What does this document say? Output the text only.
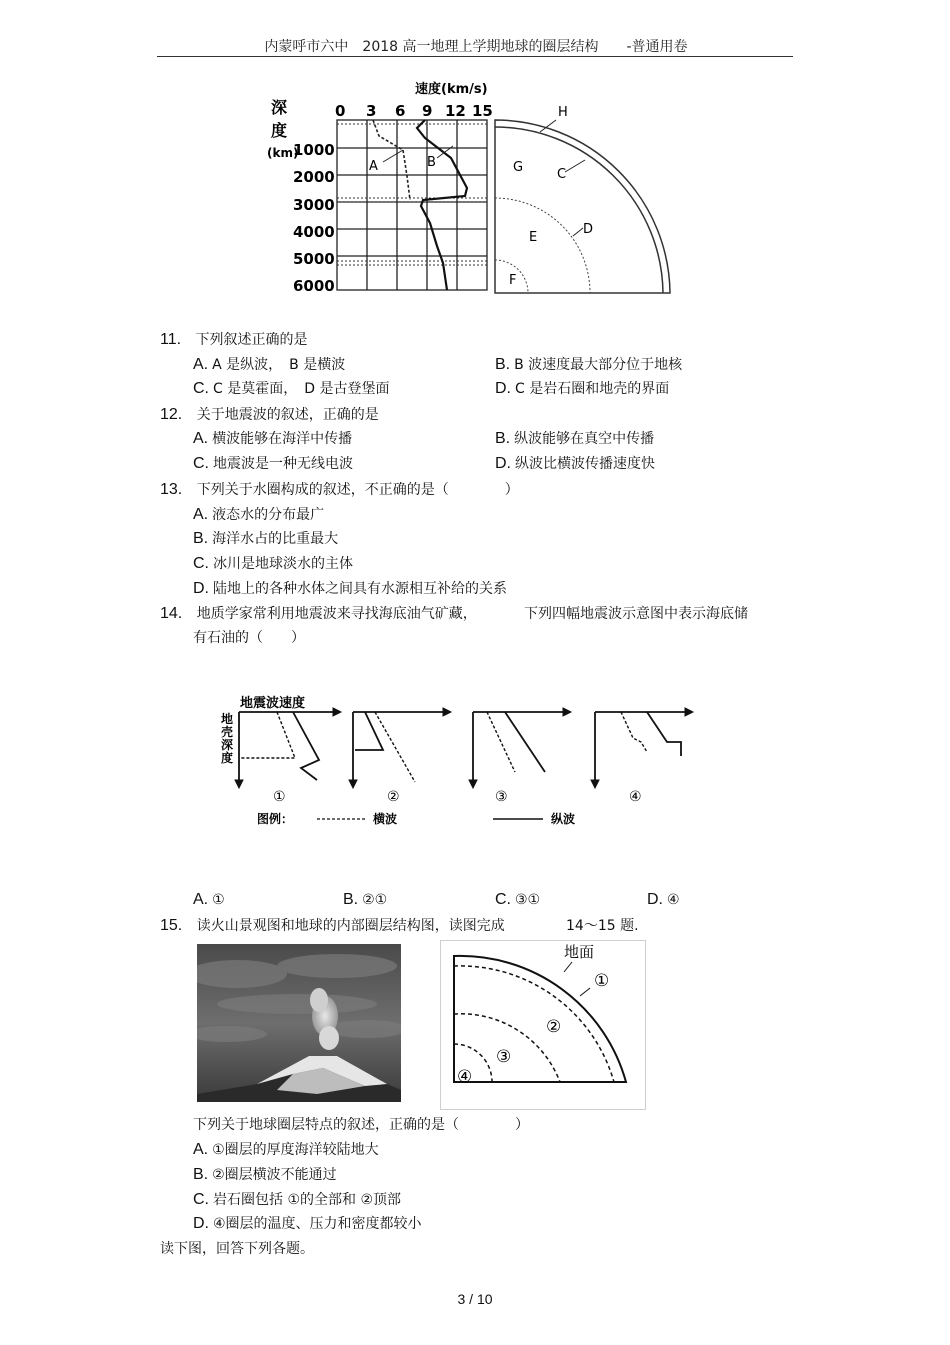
内蒙呼市六中　2018 高一地理上学期地球的圈层结构　　-普通用卷
速度(km/s)
深
度
(km)
0 3 6 9 12 15
1000
2000
3000
4000
5000
6000
A	B
H
G	C
E
D
F
11. 下列叙述正确的是
A. A 是纵波，　B 是横波	B. B 波速度最大部分位于地核
C. C 是莫霍面，　D 是古登堡面	D. C 是岩石圈和地壳的界面
12. 关于地震波的叙述，正确的是
A. 横波能够在海洋中传播	B. 纵波能够在真空中传播
C. 地震波是一种无线电波	D. 纵波比横波传播速度快
13. 下列关于水圈构成的叙述，不正确的是（　　　　）
A. 液态水的分布最广
B. 海洋水占的比重最大
C. 冰川是地球淡水的主体
D. 陆地上的各种水体之间具有水源相互补给的关系
14. 地质学家常利用地震波来寻找海底油气矿藏，	下列四幅地震波示意图中表示海底储
有石油的（　　）
地震波速度
地
壳
深
度
①	②	③	④
图例：	横波	纵波
A. ①	B. ②①	C. ③①	D. ④
15. 读火山景观图和地球的内部圈层结构图，读图完成	14～15 题.
地面
①
②
③
④
下列关于地球圈层特点的叙述，正确的是（　　　　）
A. ①圈层的厚度海洋较陆地大
B. ②圈层横波不能通过
C. 岩石圈包括 ①的全部和 ②顶部
D. ④圈层的温度、压力和密度都较小
读下图，回答下列各题。
3 / 10
